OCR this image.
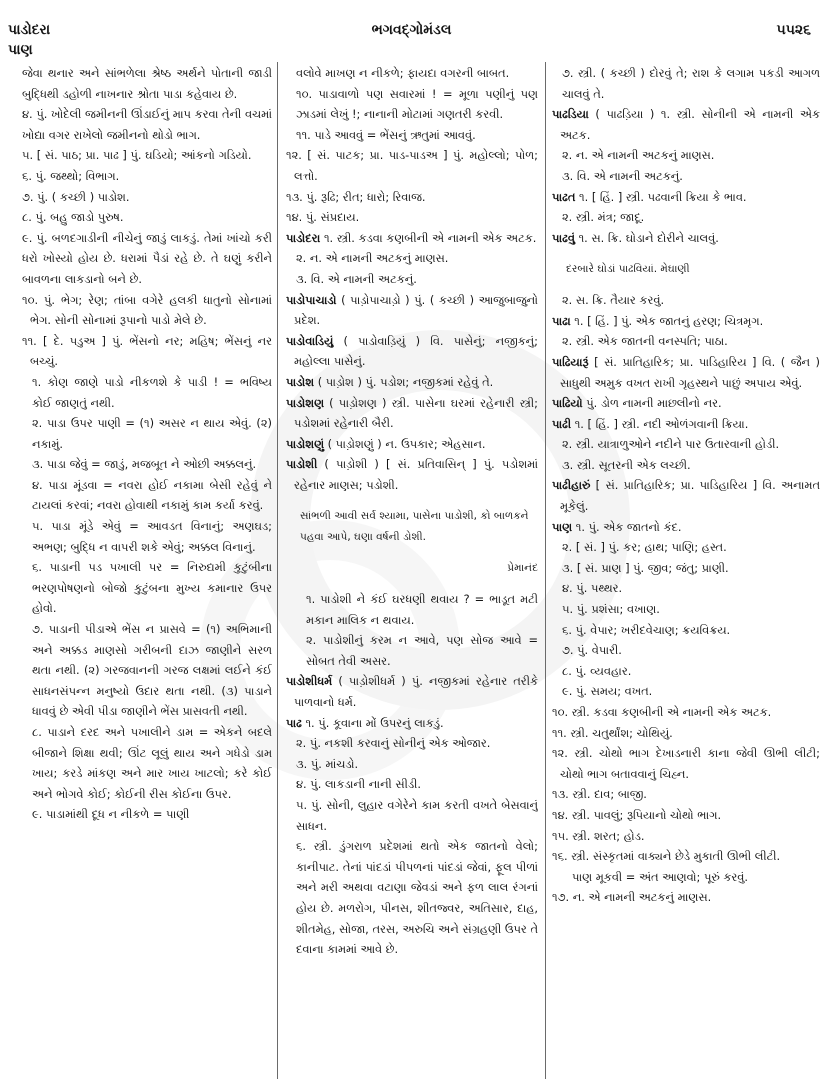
પાડોદરા
પાણ
ભગવદ્ગોમંડલ	૫૫૨૬

જેવા થનાર અને સાંભળેલા શ્રેષ્ઠ અર્થને પોતાની જાડી બુદ્ધિથી ડહોળી નાખનાર શ્રોતા પાડા કહેવાય છે.

૪. પું. ખોદેલી જમીનની ઊંડાઈનું માપ કરવા તેની વચમાં ખોદ્યા વગર રાખેલો જમીનનો થોડો ભાગ.

૫. [ સં. પાઠ; પ્રા. પાઢ ] પું. ઘડિયો; આંકનો ગડિયો.

૬. પું. જથ્થો; વિભાગ.

૭. પું. ( કચ્છી ) પાડોશ.

૮. પું. બહુ જાડો પુરુષ.

૯. પું. બળદગાડીની નીચેનું જાડું લાકડું. તેમાં ખાંચો કરી ધરો ખોસ્યો હોય છે. ધરામાં પૈડાં રહે છે. તે ઘણું કરીને બાવળના લાકડાનો બને છે.

૧૦. પું. ભેગ; રેણ; તાંબા વગેરે હલકી ધાતુનો સોનામાં ભેગ. સોની સોનામાં રૂપાનો પાડો મેલે છે.

૧૧. [ દે. પડુઅ ] પું. ભેંસનો નર; મહિષ; ભેંસનું નર બચ્ચું.

૧. કોણ જાણે પાડો નીકળશે કે પાડી ! = ભવિષ્ય કોઈ જાણતું નથી.

૨. પાડા ઉપર પાણી = (૧) અસર ન થાય એવું. (૨) નકામું.

૩. પાડા જેવું = જાડું, મજબૂત ને ઓછી અક્કલનું.

૪. પાડા મૂંડવા = નવરા હોઈ નકામા બેસી રહેવું ને ટાયલાં કરવાં; નવરા હોવાથી નકામું કામ કર્યા કરવું.

૫. પાડા મૂંડે એવું = આવડત વિનાનું; અણઘડ; અભણ; બુદ્ધિ ન વાપરી શકે એવું; અક્કલ વિનાનું.

૬. પાડાની પડ પખાલી પર = નિરુદ્યમી કુટુંબીના ભરણપોષણનો બોજો કુટુંબના મુખ્ય કમાનાર ઉપર હોવો.

૭. પાડાની પીડાએ ભેંસ ન પ્રાસવે = (૧) અભિમાની અને અક્કડ માણસો ગરીબની દાઝ જાણીને સરળ થતા નથી. (૨) ગરજવાનની ગરજ લક્ષમાં લઈને કંઈ સાધનસંપન્ન મનુષ્યો ઉદાર થતા નથી. (૩) પાડાને ધાવવું છે એવી પીડા જાણીને ભેંસ પ્રાસવતી નથી.

૮. પાડાને દરદ અને પખાલીને ડામ = એકને બદલે બીજાને શિક્ષા થવી; ઊંટ લૂલું થાય અને ગધેડો ડામ ખાય; કરડે માંકણ અને માર ખાય ખાટલો; કરે કોઈ અને ભોગવે કોઈ; કોઈની રીસ કોઈના ઉપર.

૯. પાડામાંથી દૂધ ન નીકળે = પાણી

વલોવે માખણ ન નીકળે; ફાયદા વગરની બાબત.

૧૦. પાડાવાળો પણ સવારમાં ! = મૂળા પણીનું પણ ઝાડમાં લેખું !; નાનાની મોટામાં ગણતરી કરવી.

૧૧. પાડે આવવું = ભેંસનું ઋતુમાં આવવું.

૧૨. [ સં. પાટક; પ્રા. પાડ-પાડઅ ] પું. મહોલ્લો; પોળ; લત્તો.

૧૩. પું. રૂઢિ; રીત; ધારો; રિવાજ.

૧૪. પું. સંપ્રદાય.

પાડોદરા ૧. સ્ત્રી. કડવા કણબીની એ નામની એક અટક.

૨. ન. એ નામની અટકનું માણસ.

૩. વિ. એ નામની અટકનું.

પાડોપાચાડો ( પાડ઼ોપાચાડ઼ો ) પું. ( કચ્છી ) આજુબાજુનો પ્રદેશ.

પાડોવાડિયું ( પાડોવાડ઼િયું ) વિ. પાસેનું; નજીકનું; મહોલ્લા પાસેનું.

પાડોશ ( પાડ઼ોશ ) પું. પડોશ; નજીકમાં રહેવું તે.

પાડોશણ ( પાડ઼ોશણ ) સ્ત્રી. પાસેના ઘરમાં રહેનારી સ્ત્રી; પડોશમાં રહેનારી બૈરી.

પાડોશણું ( પાડ઼ોશણું ) ન. ઉપકાર; એહસાન.

પાડોશી ( પાડ઼ોશી ) [ સં. પ્રતિવાસિન્ ] પું. પડોશમાં રહેનાર માણસ; પડોશી.

સાંભળી આવી સર્વ શ્યામા, પાસેના પાડોશી, કો બાળકને પહવા આપે, ઘણા વર્ષની ડોશી.

પ્રેમાનંદ

૧. પાડોશી ને કંઈ ઘરધણી થવાય ? = ભાડૂત મટી મકાન માલિક ન થવાય.

૨. પાડોશીનું કરમ ન આવે, પણ સોજ આવે = સોબત તેવી અસર.

પાડોશીધર્મ ( પાડ઼ોશીધર્મ ) પું. નજીકમાં રહેનાર તરીકે પાળવાનો ધર્મ.

પાઢ ૧. પું. કૂવાના મોં ઉપરનું લાકડું.

૨. પું. નકશી કરવાનું સોનીનું એક ઓજાર.

૩. પું. માંચડો.

૪. પું. લાકડાની નાની સીડી.

૫. પું. સોની, લુહાર વગેરેને કામ કરતી વખતે બેસવાનું સાધન.

૬. સ્ત્રી. ડુંગરાળ પ્રદેશમાં થતો એક જાતનો વેલો; કાનીપાટ. તેનાં પાંદડાં પીપળનાં પાંદડાં જેવાં, ફૂલ પીળાં અને મરી અથવા વટાણા જેવડાં અને ફળ લાલ રંગનાં હોય છે. મળરોગ, પીનસ, શીતજ્વર, અતિસાર, દાહ, શીતમેહ, સોજા, તરસ, અરુચિ અને સંગ્રહણી ઉપર તે દવાના કામમાં આવે છે.

૭. સ્ત્રી. ( કચ્છી ) દોરવું તે; રાશ કે લગામ પકડી આગળ ચાલવું તે.

પાઢડિયા ( પાઢડ઼િયા ) ૧. સ્ત્રી. સોનીની એ નામની એક અટક.

૨. ન. એ નામની અટકનું માણસ.

૩. વિ. એ નામની અટકનું.

પાઢત ૧. [ હિં. ] સ્ત્રી. પઢવાની ક્રિયા કે ભાવ.

૨. સ્ત્રી. મંત્ર; જાદૂ.

પાઢવું ૧. સ. ક્રિ. ઘોડાને દોરીને ચાલવું.

દરબારે ઘોડાં પાઢવિયાં. મેઘાણી

૨. સ. ક્રિ. તૈયાર કરવું.

પાઢા ૧. [ હિં. ] પું. એક જાતનું હરણ; ચિત્રમૃગ.

૨. સ્ત્રી. એક જાતની વનસ્પતિ; પાઠા.

પાઢિયારૂં [ સં. પ્રાતિહારિક; પ્રા. પાડિહારિય ] વિ. ( જૈન ) સાધુથી અમુક વખત રાખી ગૃહસ્થને પાછું અપાય એવું.

પાઢિયો પું. ડોળ નામની માછલીનો નર.

પાઢી ૧. [ હિં. ] સ્ત્રી. નદી ઓળંગવાની ક્રિયા.

૨. સ્ત્રી. યાત્રાળુઓને નદીને પાર ઉતારવાની હોડી.

૩. સ્ત્રી. સૂતરની એક લચ્છી.

પાઢીહારું [ સં. પ્રાતિહારિક; પ્રા. પાડિહારિય ] વિ. અનામત મૂકેલું.

પાણ ૧. પું. એક જાતનો કંદ.

૨. [ સં. ] પું. કર; હાથ; પાણિ; હસ્ત.

૩. [ સં. પ્રાણ ] પું. જીવ; જંતુ; પ્રાણી.

૪. પું. પથ્થર.

૫. પું. પ્રશંસા; વખાણ.

૬. પું. વેપાર; ખરીદવેચાણ; ક્રયવિક્રય.

૭. પું. વેપારી.

૮. પું. વ્યવહાર.

૯. પું. સમય; વખત.

૧૦. સ્ત્રી. કડવા કણબીની એ નામની એક અટક.

૧૧. સ્ત્રી. ચતુર્થાંશ; ચોથિયું.

૧૨. સ્ત્રી. ચોથો ભાગ દેખાડનારી કાના જેવી ઊભી લીટી; ચોથો ભાગ બતાવવાનું ચિહ્ન.

૧૩. સ્ત્રી. દાવ; બાજી.

૧૪. સ્ત્રી. પાવલું; રૂપિયાનો ચોથો ભાગ.

૧૫. સ્ત્રી. શરત; હોડ.

૧૬. સ્ત્રી. સંસ્કૃતમાં વાક્યને છેડે મુકાતી ઊભી લીટી.

પાણ મૂકવી = અંત આણવો; પૂરું કરવું.

૧૭. ન. એ નામની અટકનું માણસ.
